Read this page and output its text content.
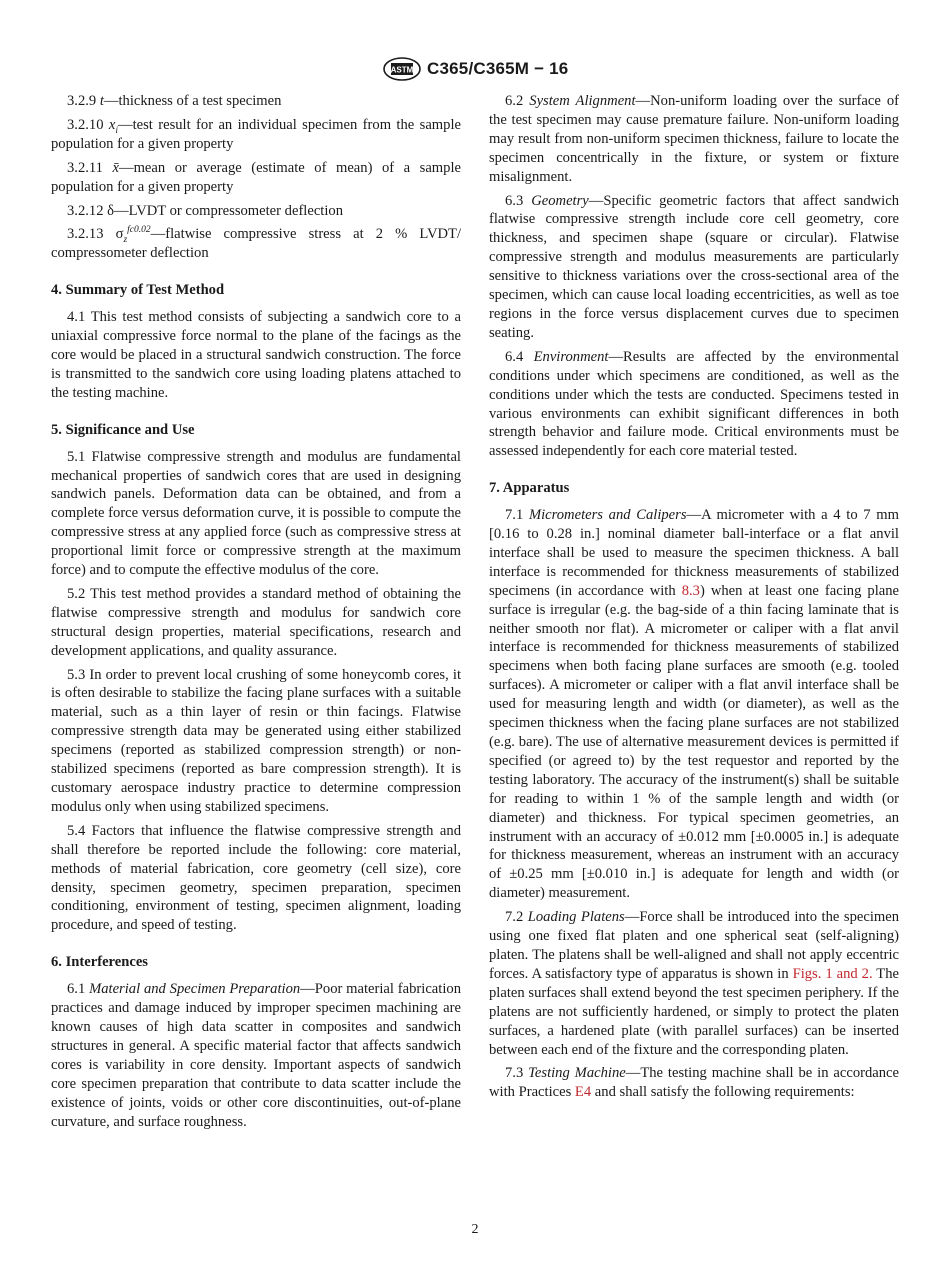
ASTM C365/C365M − 16

3.2.9 t—thickness of a test specimen

3.2.10 $x_i—test$ result for an individual specimen from the sample population for a given property

3.2.11 x̄—mean or average (estimate of mean) of a sample population for a given property

3.2.12 δ—LVDT or compressometer deflection

3.2.13 $\sigma_z^{fc0.02}—flatwise$ compressive stress at 2 % LVDT/ compressometer deflection

4. Summary of Test Method

4.1 This test method consists of subjecting a sandwich core to a uniaxial compressive force normal to the plane of the facings as the core would be placed in a structural sandwich construction. The force is transmitted to the sandwich core using loading platens attached to the testing machine.

5. Significance and Use

5.1 Flatwise compressive strength and modulus are fundamental mechanical properties of sandwich cores that are used in designing sandwich panels. Deformation data can be obtained, and from a complete force versus deformation curve, it is possible to compute the compressive stress at any applied force (such as compressive stress at proportional limit force or compressive strength at the maximum force) and to compute the effective modulus of the core.

5.2 This test method provides a standard method of obtaining the flatwise compressive strength and modulus for sandwich core structural design properties, material specifications, research and development applications, and quality assurance.

5.3 In order to prevent local crushing of some honeycomb cores, it is often desirable to stabilize the facing plane surfaces with a suitable material, such as a thin layer of resin or thin facings. Flatwise compressive strength data may be generated using either stabilized specimens (reported as stabilized compression strength) or non-stabilized specimens (reported as bare compression strength). It is customary aerospace industry practice to determine compression modulus only when using stabilized specimens.

5.4 Factors that influence the flatwise compressive strength and shall therefore be reported include the following: core material, methods of material fabrication, core geometry (cell size), core density, specimen geometry, specimen preparation, specimen conditioning, environment of testing, specimen alignment, loading procedure, and speed of testing.

6. Interferences

6.1 Material and Specimen Preparation—Poor material fabrication practices and damage induced by improper specimen machining are known causes of high data scatter in composites and sandwich structures in general. A specific material factor that affects sandwich cores is variability in core density. Important aspects of sandwich core specimen preparation that contribute to data scatter include the existence of joints, voids or other core discontinuities, out-of-plane curvature, and surface roughness.

6.2 System Alignment—Non-uniform loading over the surface of the test specimen may cause premature failure. Non-uniform loading may result from non-uniform specimen thickness, failure to locate the specimen concentrically in the fixture, or system or fixture misalignment.

6.3 Geometry—Specific geometric factors that affect sandwich flatwise compressive strength include core cell geometry, core thickness, and specimen shape (square or circular). Flatwise compressive strength and modulus measurements are particularly sensitive to thickness variations over the cross-sectional area of the specimen, which can cause local loading eccentricities, as well as toe regions in the force versus displacement curves due to specimen seating.

6.4 Environment—Results are affected by the environmental conditions under which specimens are conditioned, as well as the conditions under which the tests are conducted. Specimens tested in various environments can exhibit significant differences in both strength behavior and failure mode. Critical environments must be assessed independently for each core material tested.

7. Apparatus

7.1 Micrometers and Calipers—A micrometer with a 4 to 7 mm [0.16 to 0.28 in.] nominal diameter ball-interface or a flat anvil interface shall be used to measure the specimen thickness. A ball interface is recommended for thickness measurements of stabilized specimens (in accordance with 8.3) when at least one facing plane surface is irregular (e.g. the bag-side of a thin facing laminate that is neither smooth nor flat). A micrometer or caliper with a flat anvil interface is recommended for thickness measurements of stabilized specimens when both facing plane surfaces are smooth (e.g. tooled surfaces). A micrometer or caliper with a flat anvil interface shall be used for measuring length and width (or diameter), as well as the specimen thickness when the facing plane surfaces are not stabilized (e.g. bare). The use of alternative measurement devices is permitted if specified (or agreed to) by the test requestor and reported by the testing laboratory. The accuracy of the instrument(s) shall be suitable for reading to within 1 % of the sample length and width (or diameter) and thickness. For typical specimen geometries, an instrument with an accuracy of ±0.012 mm [±0.0005 in.] is adequate for thickness measurement, whereas an instrument with an accuracy of ±0.25 mm [±0.010 in.] is adequate for length and width (or diameter) measurement.

7.2 Loading Platens—Force shall be introduced into the specimen using one fixed flat platen and one spherical seat (self-aligning) platen. The platens shall be well-aligned and shall not apply eccentric forces. A satisfactory type of apparatus is shown in Figs. 1 and 2. The platen surfaces shall extend beyond the test specimen periphery. If the platens are not sufficiently hardened, or simply to protect the platen surfaces, a hardened plate (with parallel surfaces) can be inserted between each end of the fixture and the corresponding platen.

7.3 Testing Machine—The testing machine shall be in accordance with Practices E4 and shall satisfy the following requirements:

2
